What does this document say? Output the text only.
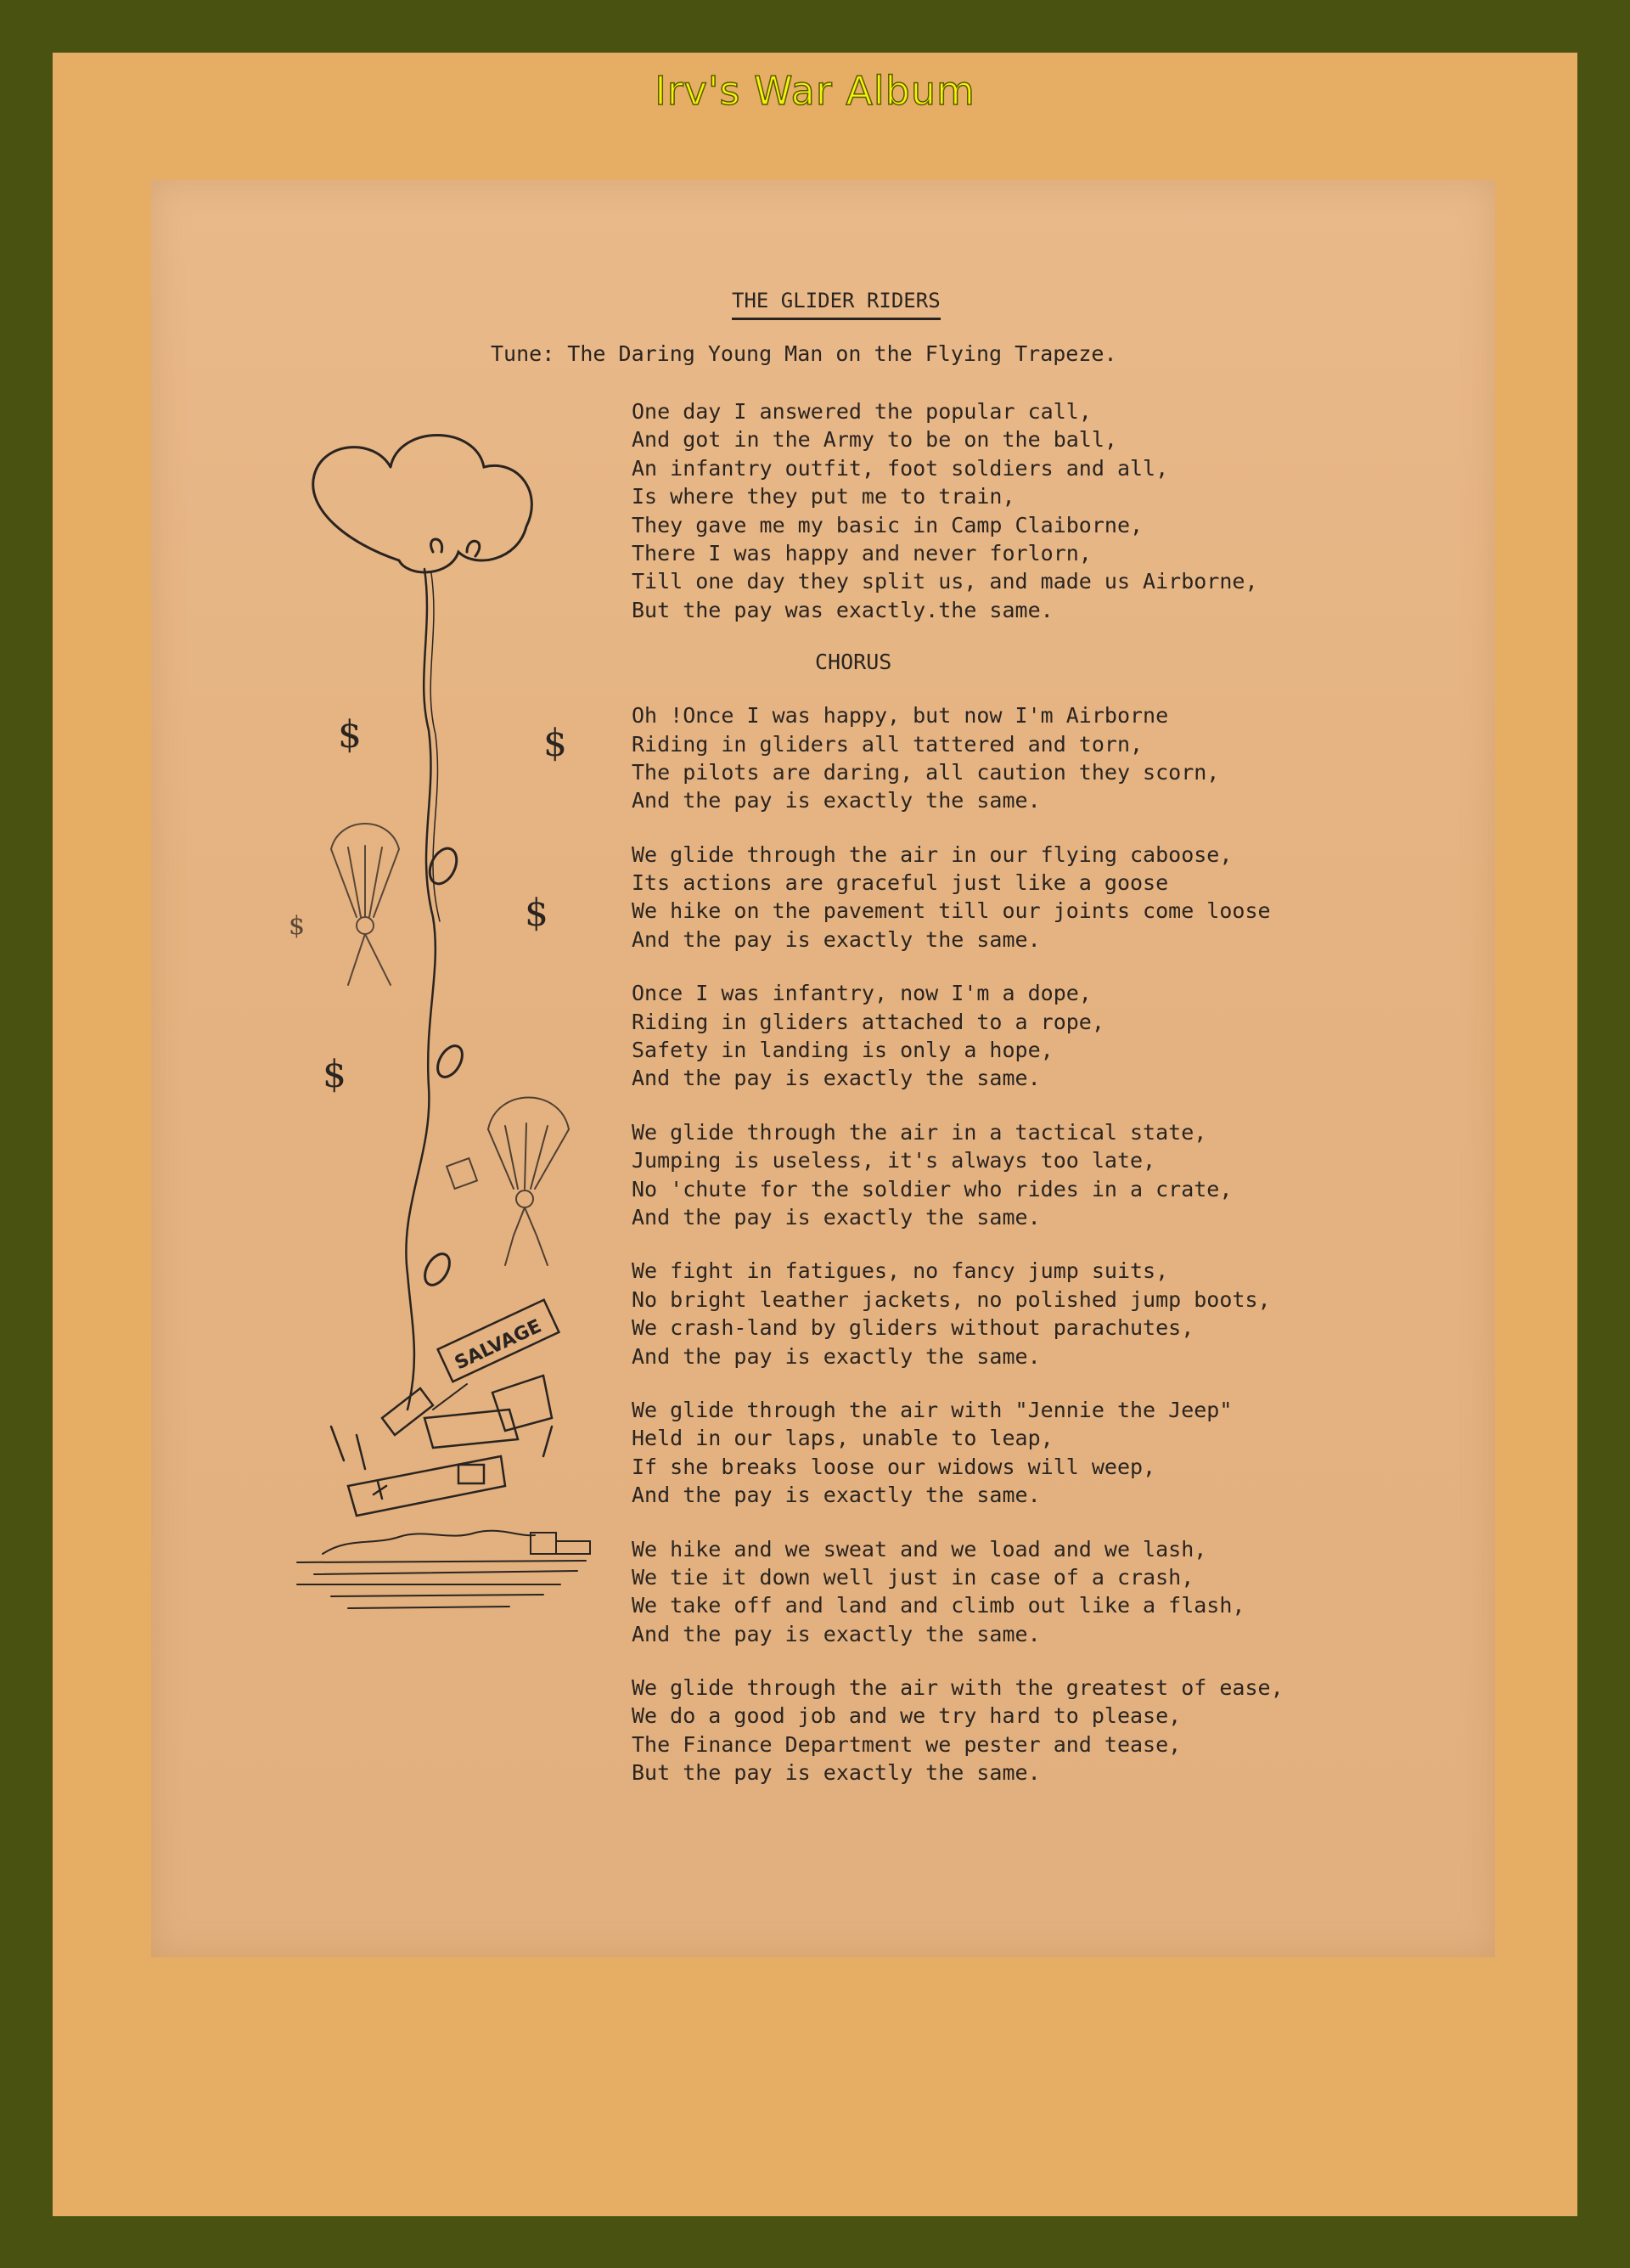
Irv's War Album
THE GLIDER RIDERS
Tune: The Daring Young Man on the Flying Trapeze.
One day I answered the popular call,
And got in the Army to be on the ball,
An infantry outfit, foot soldiers and all,
Is where they put me to train,
They gave me my basic in Camp Claiborne,
There I was happy and never forlorn,
Till one day they split us, and made us Airborne,
But the pay was exactly.the same.
CHORUS
Oh !Once I was happy, but now I'm Airborne
Riding in gliders all tattered and torn,
The pilots are daring, all caution they scorn,
And the pay is exactly the same.
We glide through the air in our flying caboose,
Its actions are graceful just like a goose
We hike on the pavement till our joints come loose
And the pay is exactly the same.
Once I was infantry, now I'm a dope,
Riding in gliders attached to a rope,
Safety in landing is only a hope,
And the pay is exactly the same.
We glide through the air in a tactical state,
Jumping is useless, it's always too late,
No 'chute for the soldier who rides in a crate,
And the pay is exactly the same.
We fight in fatigues, no fancy jump suits,
No bright leather jackets, no polished jump boots,
We crash-land by gliders without parachutes,
And the pay is exactly the same.
We glide through the air with "Jennie the Jeep"
Held in our laps, unable to leap,
If she breaks loose our widows will weep,
And the pay is exactly the same.
We hike and we sweat and we load and we lash,
We tie it down well just in case of a crash,
We take off and land and climb out like a flash,
And the pay is exactly the same.
We glide through the air with the greatest of ease,
We do a good job and we try hard to please,
The Finance Department we pester and tease,
But the pay is exactly the same.
$	$
$
$
$
SALVAGE
